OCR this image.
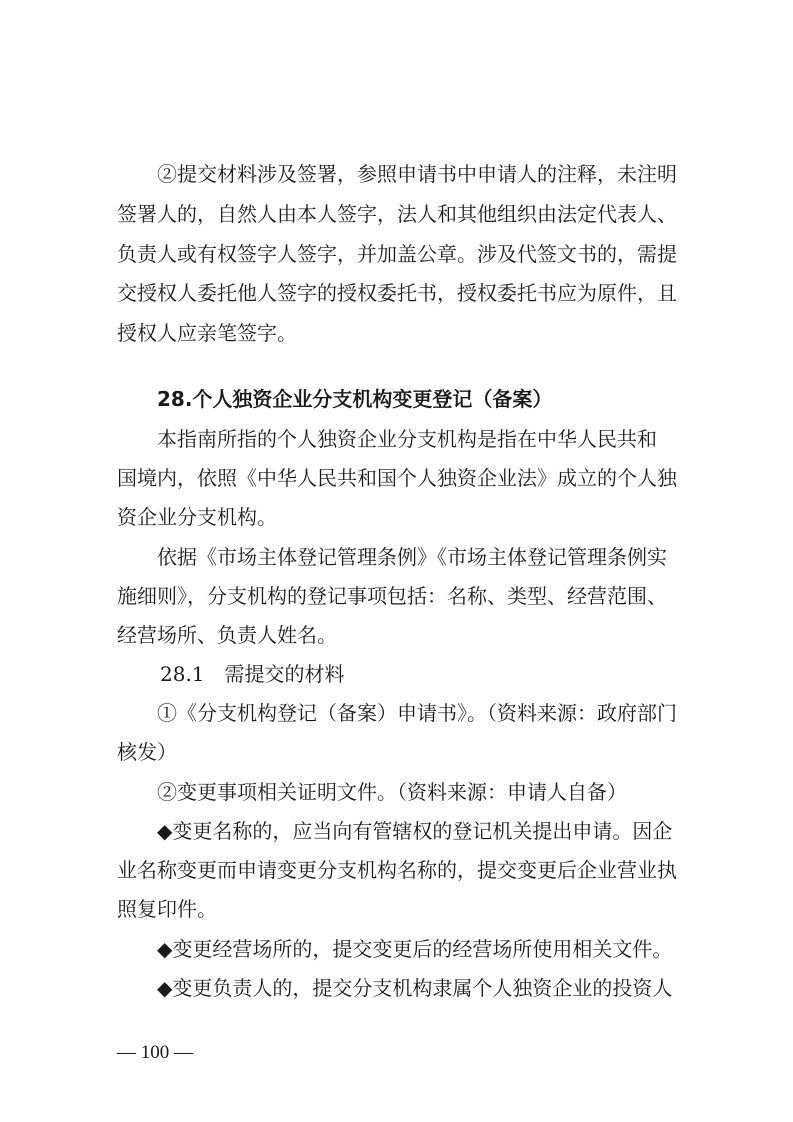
②提交材料涉及签署，参照申请书中申请人的注释，未注明
签署人的，自然人由本人签字，法人和其他组织由法定代表人、
负责人或有权签字人签字，并加盖公章。涉及代签文书的，需提
交授权人委托他人签字的授权委托书，授权委托书应为原件，且
授权人应亲笔签字。
28.个人独资企业分支机构变更登记（备案）
本指南所指的个人独资企业分支机构是指在中华人民共和
国境内，依照《中华人民共和国个人独资企业法》成立的个人独
资企业分支机构。
依据《市场主体登记管理条例》《市场主体登记管理条例实
施细则》，分支机构的登记事项包括：名称、类型、经营范围、
经营场所、负责人姓名。
28.1　需提交的材料
①《分支机构登记（备案）申请书》。（资料来源：政府部门
核发）
②变更事项相关证明文件。（资料来源：申请人自备）
◆变更名称的，应当向有管辖权的登记机关提出申请。因企
业名称变更而申请变更分支机构名称的，提交变更后企业营业执
照复印件。
◆变更经营场所的，提交变更后的经营场所使用相关文件。
◆变更负责人的，提交分支机构隶属个人独资企业的投资人
— 100 —
